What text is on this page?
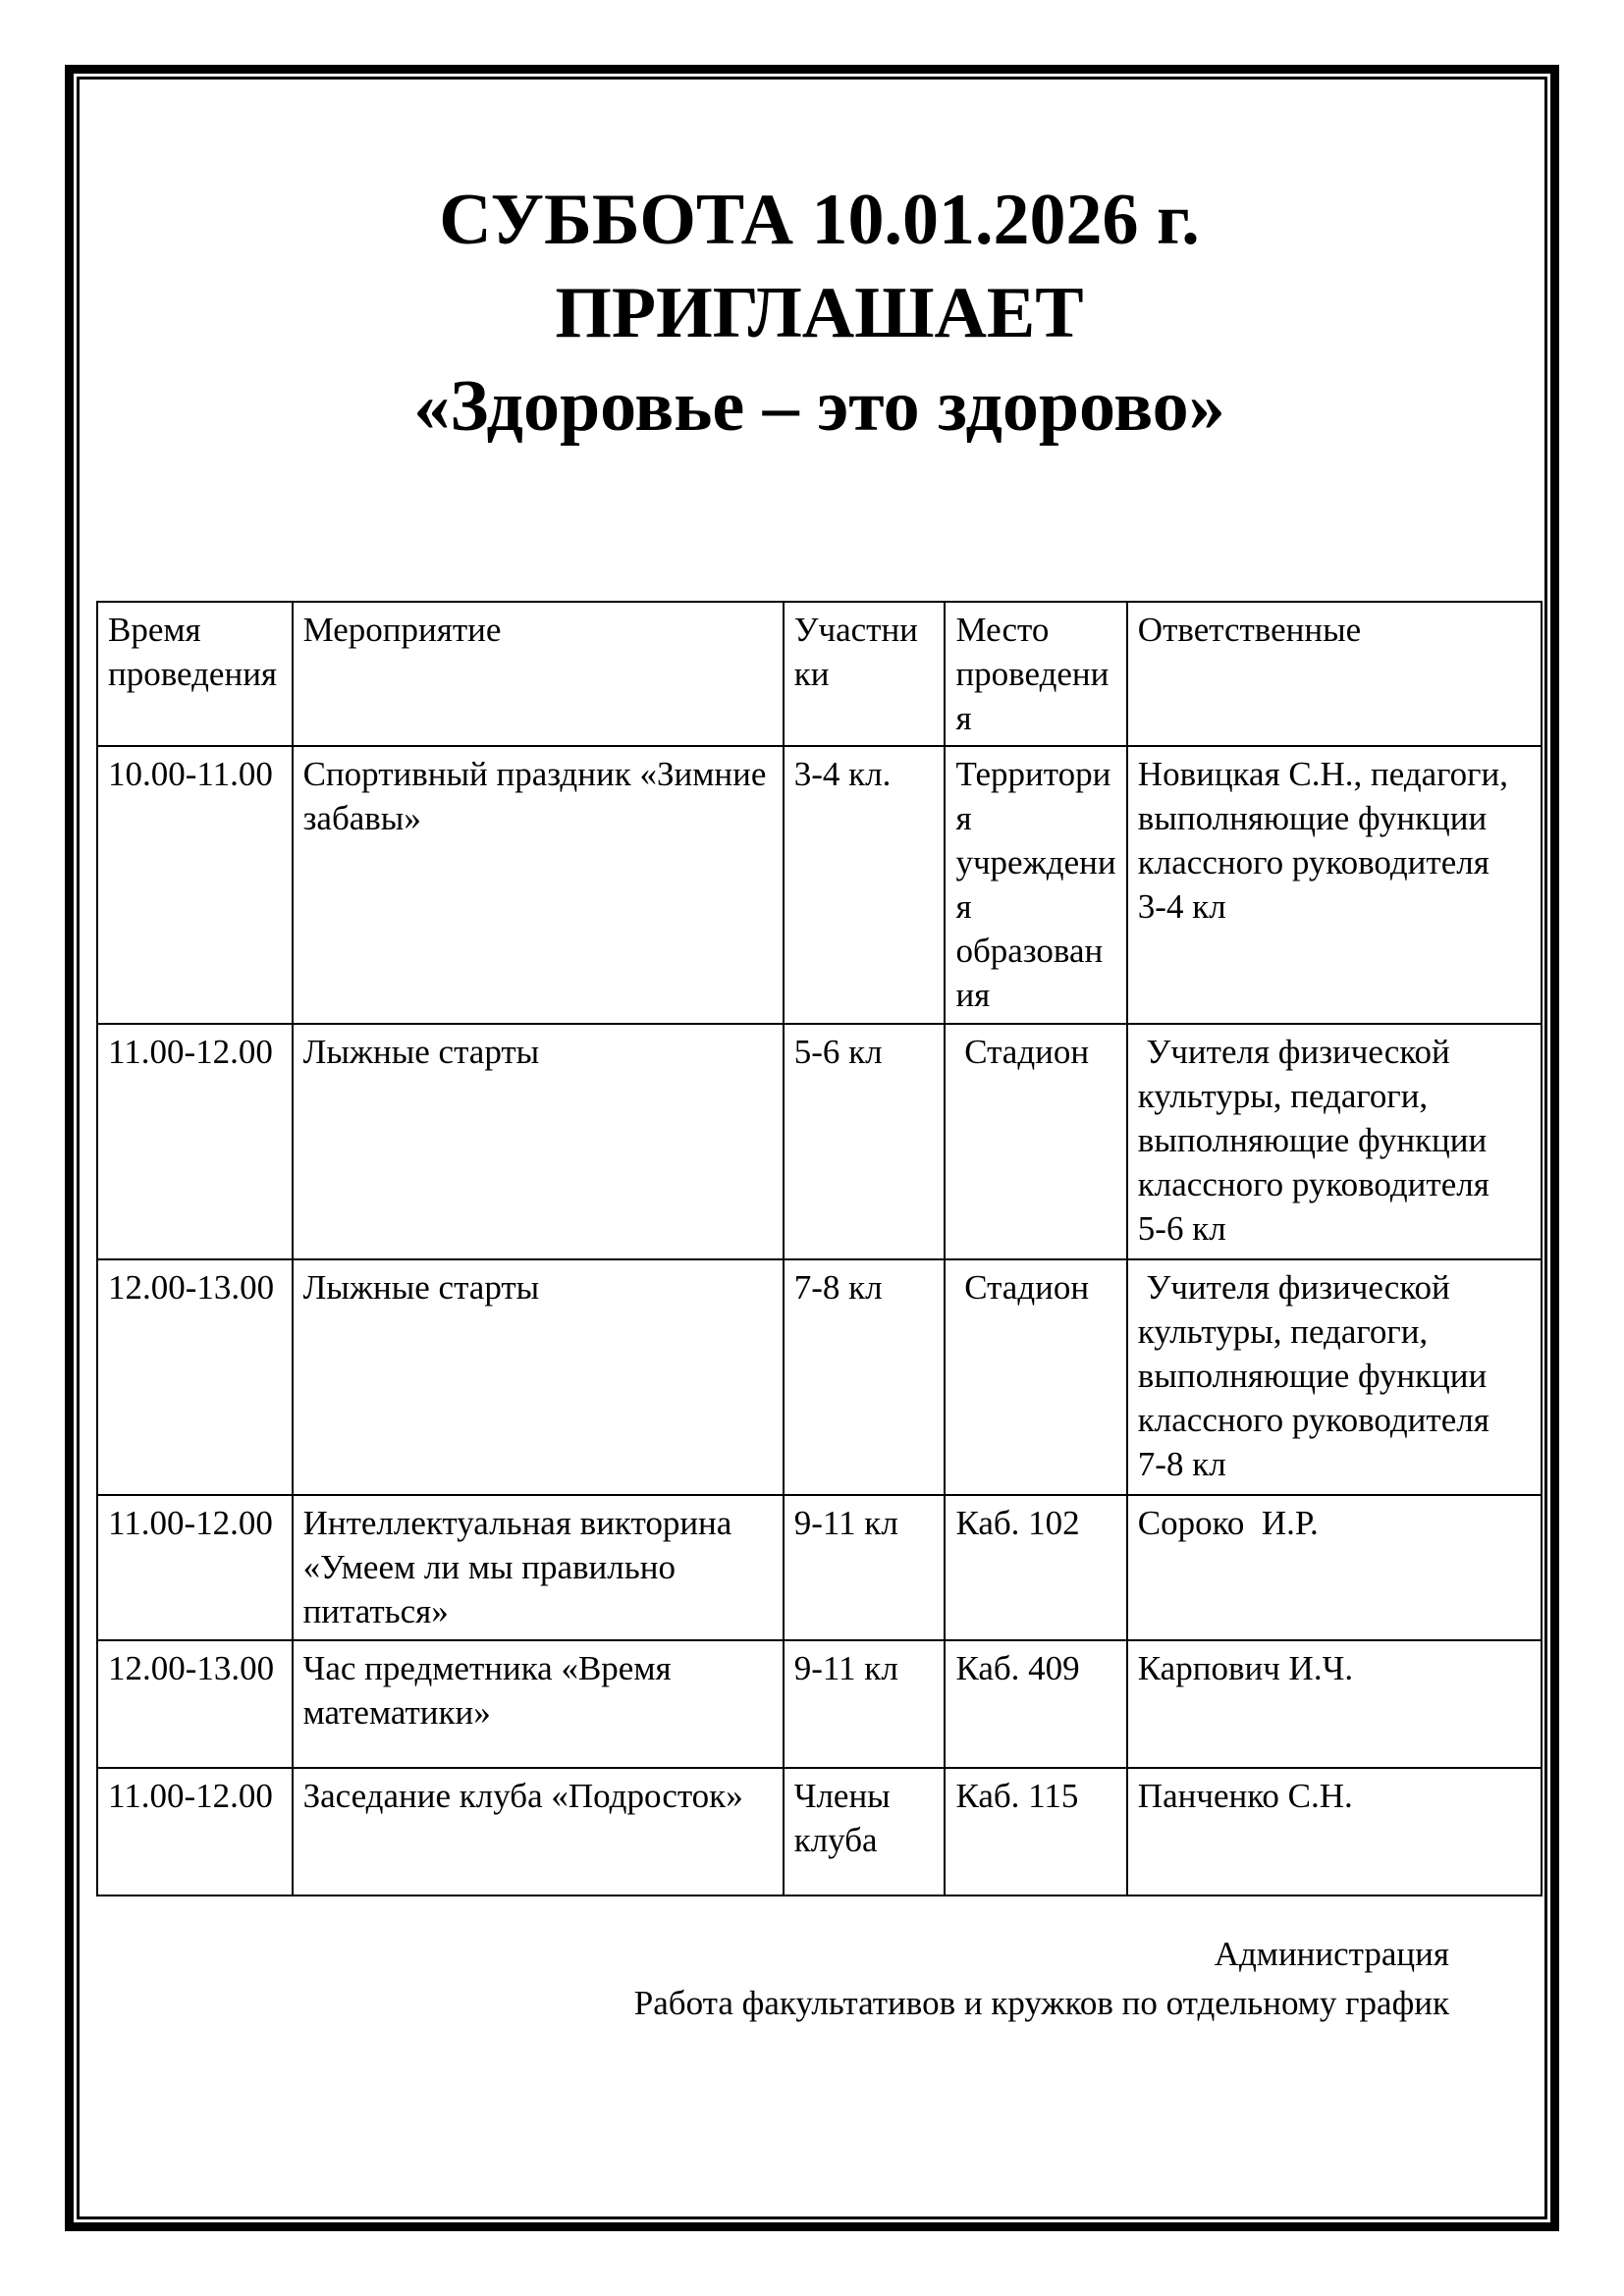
СУББОТА 10.01.2026 г.
ПРИГЛАШАЕТ
«Здоровье – это здорово»
Время проведения	Мероприятие	Участники	Место проведения	Ответственные
10.00-11.00	Спортивный праздник «Зимние забавы»	3-4 кл.	Территория учреждения образования	Новицкая С.Н., педагоги, выполняющие функции классного руководителя  3-4 кл
11.00-12.00	Лыжные старты	5-6 кл	Стадион	Учителя физической культуры, педагоги, выполняющие функции классного руководителя  5-6 кл
12.00-13.00	Лыжные старты	7-8 кл	Стадион	Учителя физической культуры, педагоги, выполняющие функции классного руководителя  7-8 кл
11.00-12.00	Интеллектуальная викторина «Умеем ли мы правильно питаться»	9-11 кл	Каб. 102	Сороко  И.Р.
12.00-13.00	Час предметника «Время математики»	9-11 кл	Каб. 409	Карпович И.Ч.
11.00-12.00	Заседание клуба «Подросток»	Члены клуба	Каб. 115	Панченко С.Н.
Администрация
Работа факультативов и кружков по отдельному график
